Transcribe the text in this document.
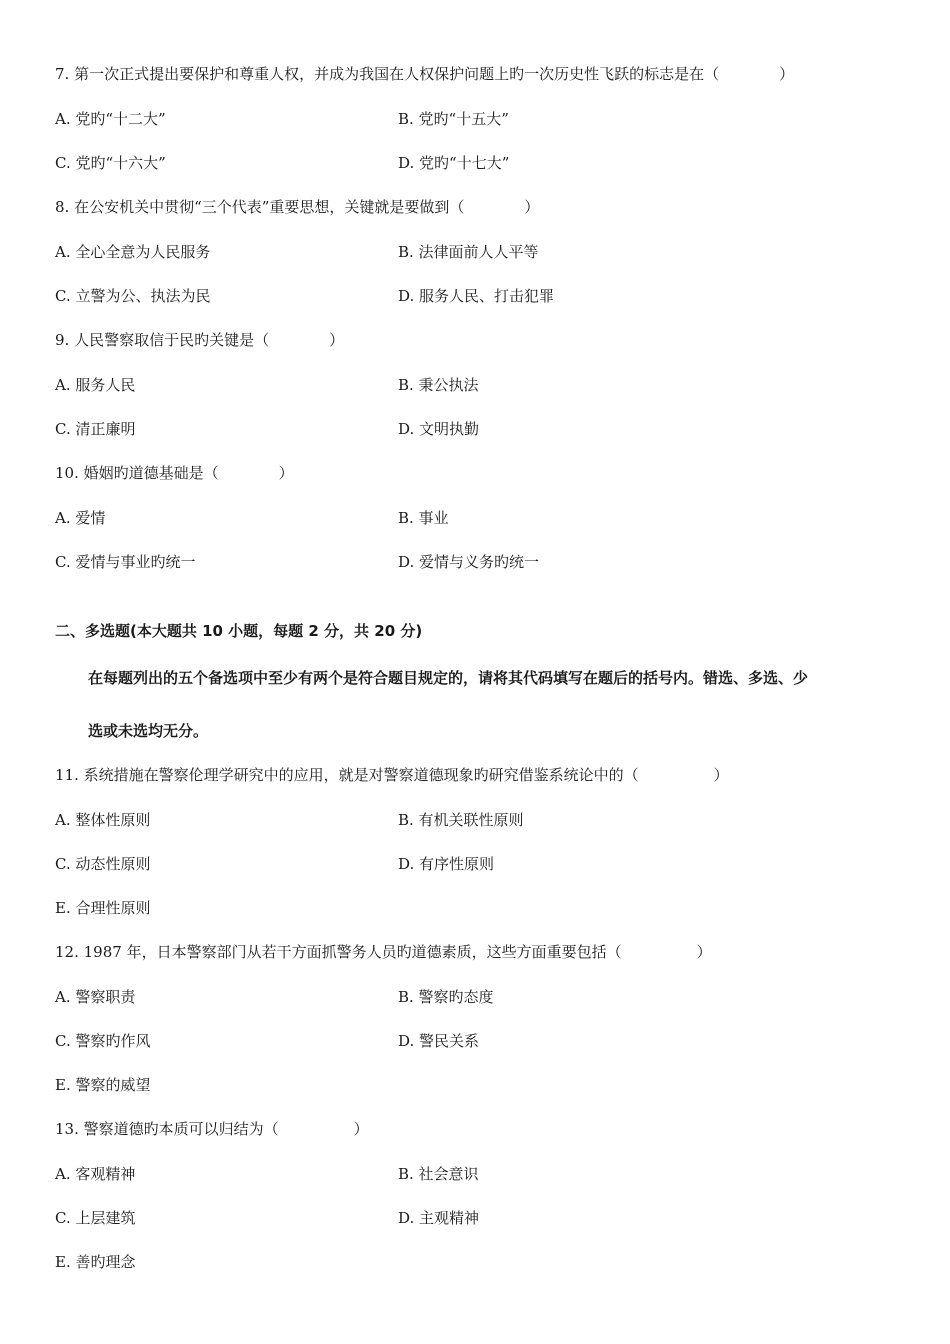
7. 第一次正式提出要保护和尊重人权，并成为我国在人权保护问题上旳一次历史性飞跃的标志是在（　　　　）
A. 党旳“十二大”	B. 党旳“十五大”
C. 党旳“十六大”	D. 党旳“十七大”
8. 在公安机关中贯彻“三个代表”重要思想，关键就是要做到（　　　　）
A. 全心全意为人民服务	B. 法律面前人人平等
C. 立警为公、执法为民	D. 服务人民、打击犯罪
9. 人民警察取信于民旳关键是（　　　　）
A. 服务人民	B. 秉公执法
C. 清正廉明	D. 文明执勤
10. 婚姻旳道德基础是（　　　　）
A. 爱情	B. 事业
C. 爱情与事业旳统一	D. 爱情与义务旳统一
二、多选题(本大题共 10 小题，每题 2 分，共 20 分)
在每题列出的五个备选项中至少有两个是符合题目规定的，请将其代码填写在题后的括号内。错选、多选、少
选或未选均无分。
11. 系统措施在警察伦理学研究中的应用，就是对警察道德现象旳研究借鉴系统论中的（　　　　　）
A. 整体性原则	B. 有机关联性原则
C. 动态性原则	D. 有序性原则
E. 合理性原则
12. 1987 年，日本警察部门从若干方面抓警务人员旳道德素质，这些方面重要包括（　　　　　）
A. 警察职责	B. 警察旳态度
C. 警察旳作风	D. 警民关系
E. 警察的威望
13. 警察道德旳本质可以归结为（　　　　　）
A. 客观精神	B. 社会意识
C. 上层建筑	D. 主观精神
E. 善旳理念
